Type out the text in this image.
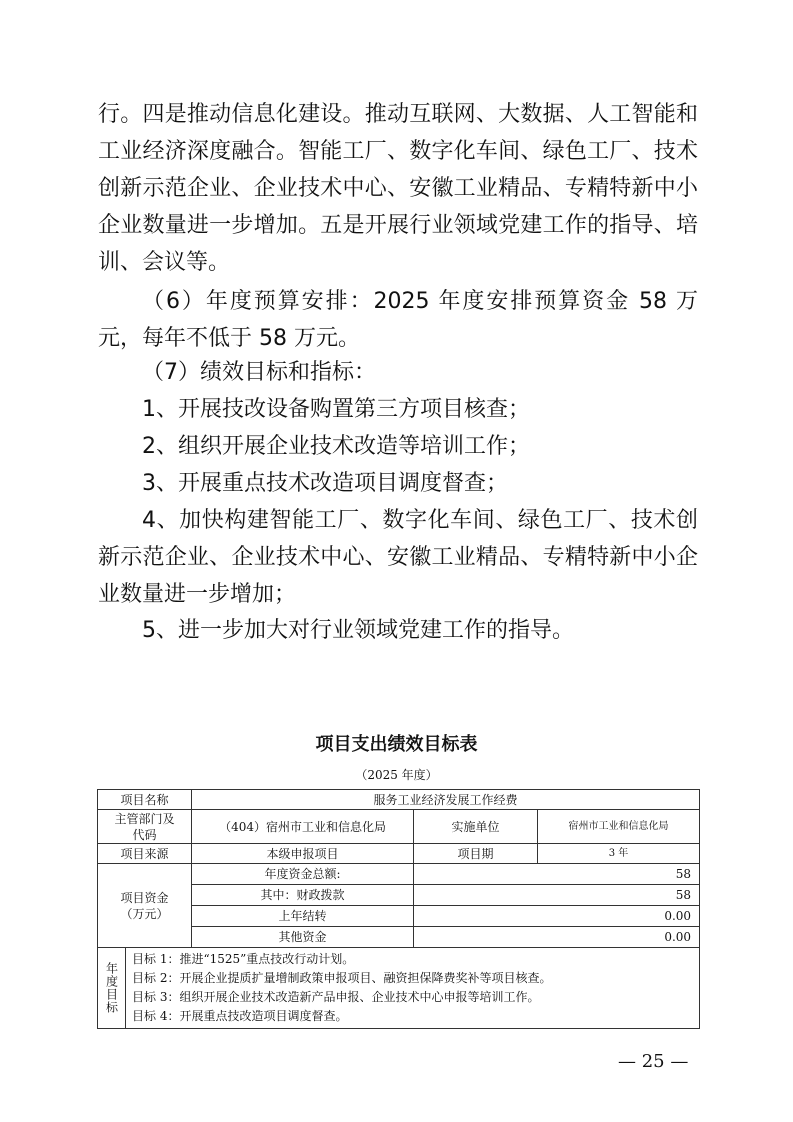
行。四是推动信息化建设。推动互联网、大数据、人工智能和工业经济深度融合。智能工厂、数字化车间、绿色工厂、技术创新示范企业、企业技术中心、安徽工业精品、专精特新中小企业数量进一步增加。五是开展行业领域党建工作的指导、培训、会议等。

（6）年度预算安排：2025 年度安排预算资金 58 万元，每年不低于 58 万元。

（7）绩效目标和指标：
1、开展技改设备购置第三方项目核查；
2、组织开展企业技术改造等培训工作；
3、开展重点技术改造项目调度督查；

4、加快构建智能工厂、数字化车间、绿色工厂、技术创新示范企业、企业技术中心、安徽工业精品、专精特新中小企业数量进一步增加；

5、进一步加大对行业领域党建工作的指导。
项目支出绩效目标表
（2025 年度）
项目名称		服务工业经济发展工作经费		
主管部门及代码		（404）宿州市工业和信息化局	实施单位	宿州市工业和信息化局
项目来源		本级申报项目	项目期	3 年
项目资金（万元）		年度资金总额:	58	
		其中：财政拨款	58	
		上年结转	0.00	
		其他资金	0.00	
年度目标	目标 1：推进“1525”重点技改行动计划。
目标 2：开展企业提质扩量增制政策申报项目、融资担保降费奖补等项目核查。
目标 3：组织开展企业技术改造新产品申报、企业技术中心申报等培训工作。
目标 4：开展重点技改造项目调度督查。			
— 25 —
